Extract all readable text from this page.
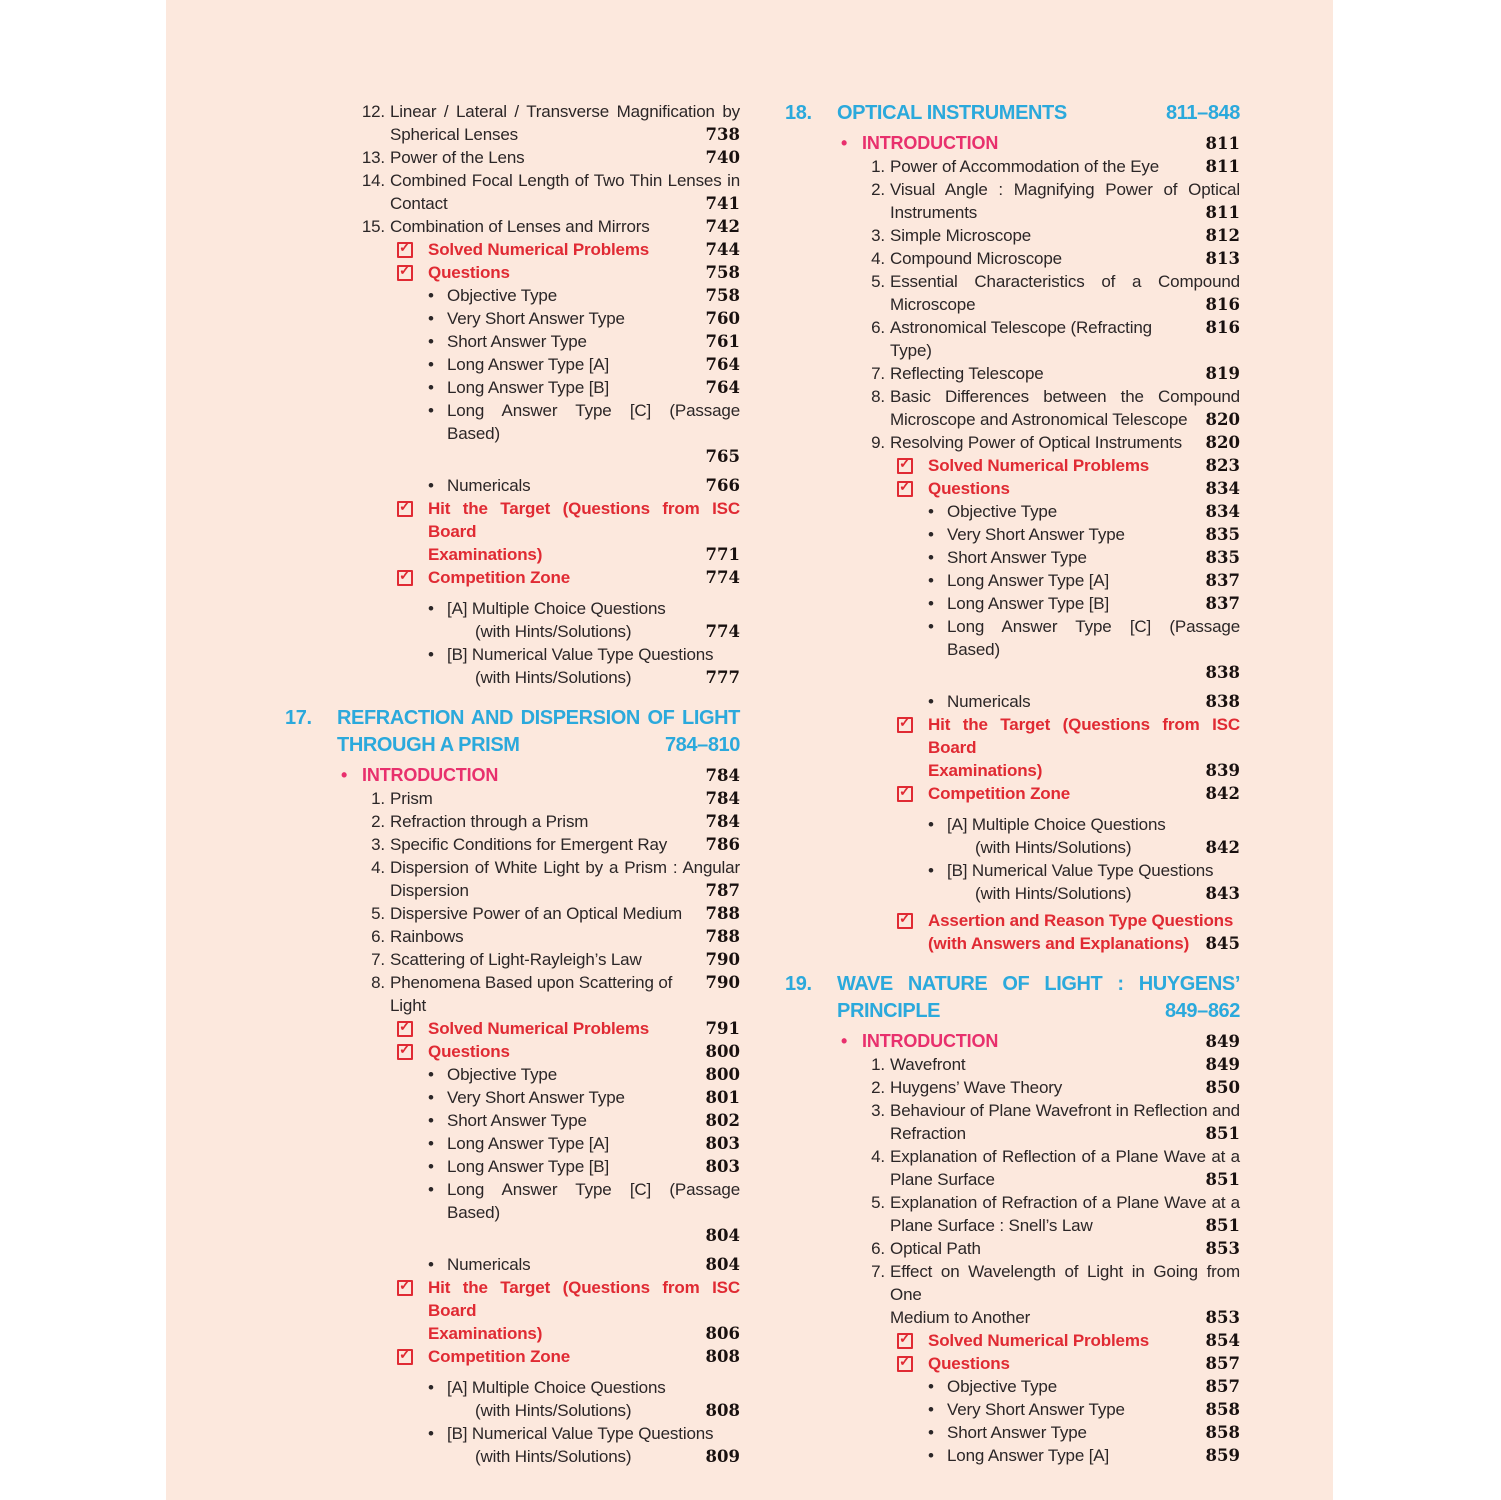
12. Linear / Lateral / Transverse Magnification by
Spherical Lenses	738
13. Power of the Lens	740
14. Combined Focal Length of Two Thin Lenses in
Contact	741
15. Combination of Lenses and Mirrors	742
✓
Solved Numerical Problems	744
✓
Questions	758
•
Objective Type	758
•
Very Short Answer Type	760
•
Short Answer Type	761
•
Long Answer Type [A]	764
•
Long Answer Type [B]	764
•
Long Answer Type [C] (Passage Based)
765
•
Numericals	766
✓
Hit the Target (Questions from ISC Board
Examinations)	771
✓
Competition Zone	774
•
[A] Multiple Choice Questions
(with Hints/Solutions)	774
•
[B] Numerical Value Type Questions
(with Hints/Solutions)	777
17. REFRACTION AND DISPERSION OF LIGHT
THROUGH A PRISM	784–810
•
INTRODUCTION	784
1. Prism	784
2. Refraction through a Prism	784
3. Specific Conditions for Emergent Ray	786
4. Dispersion of White Light by a Prism : Angular
Dispersion	787
5. Dispersive Power of an Optical Medium	788
6. Rainbows	788
7. Scattering of Light-Rayleigh’s Law	790
8. Phenomena Based upon Scattering of Light
790
✓
Solved Numerical Problems	791
✓
Questions	800
•
Objective Type	800
•
Very Short Answer Type	801
•
Short Answer Type	802
•
Long Answer Type [A]	803
•
Long Answer Type [B]	803
•
Long Answer Type [C] (Passage Based)
804
•
Numericals	804
✓
Hit the Target (Questions from ISC Board
Examinations)	806
✓
Competition Zone	808
•
[A] Multiple Choice Questions
(with Hints/Solutions)	808
•
[B] Numerical Value Type Questions
(with Hints/Solutions)	809
18. OPTICAL INSTRUMENTS	811–848
•
INTRODUCTION	811
1. Power of Accommodation of the Eye	811
2. Visual Angle : Magnifying Power of Optical
Instruments	811
3. Simple Microscope	812
4. Compound Microscope	813
5. Essential Characteristics of a Compound
Microscope	816
6. Astronomical Telescope (Refracting Type)
816
7. Reflecting Telescope	819
8. Basic Differences between the Compound
Microscope and Astronomical Telescope	820
9. Resolving Power of Optical Instruments	820
✓
Solved Numerical Problems	823
✓
Questions	834
•
Objective Type	834
•
Very Short Answer Type	835
•
Short Answer Type	835
•
Long Answer Type [A]	837
•
Long Answer Type [B]	837
•
Long Answer Type [C] (Passage Based)
838
•
Numericals	838
✓
Hit the Target (Questions from ISC Board
Examinations)	839
✓
Competition Zone	842
•
[A] Multiple Choice Questions
(with Hints/Solutions)	842
•
[B] Numerical Value Type Questions
(with Hints/Solutions)	843
✓
Assertion and Reason Type Questions
(with Answers and Explanations) 845
19. WAVE NATURE OF LIGHT : HUYGENS’
PRINCIPLE	849–862
•
INTRODUCTION	849
1. Wavefront	849
2. Huygens’ Wave Theory	850
3. Behaviour of Plane Wavefront in Reflection and
Refraction	851
4. Explanation of Reflection of a Plane Wave at a
Plane Surface	851
5. Explanation of Refraction of a Plane Wave at a
Plane Surface : Snell’s Law	851
6. Optical Path	853
7. Effect on Wavelength of Light in Going from One
Medium to Another	853
✓
Solved Numerical Problems	854
✓
Questions	857
•
Objective Type	857
•
Very Short Answer Type	858
•
Short Answer Type	858
•
Long Answer Type [A]	859
